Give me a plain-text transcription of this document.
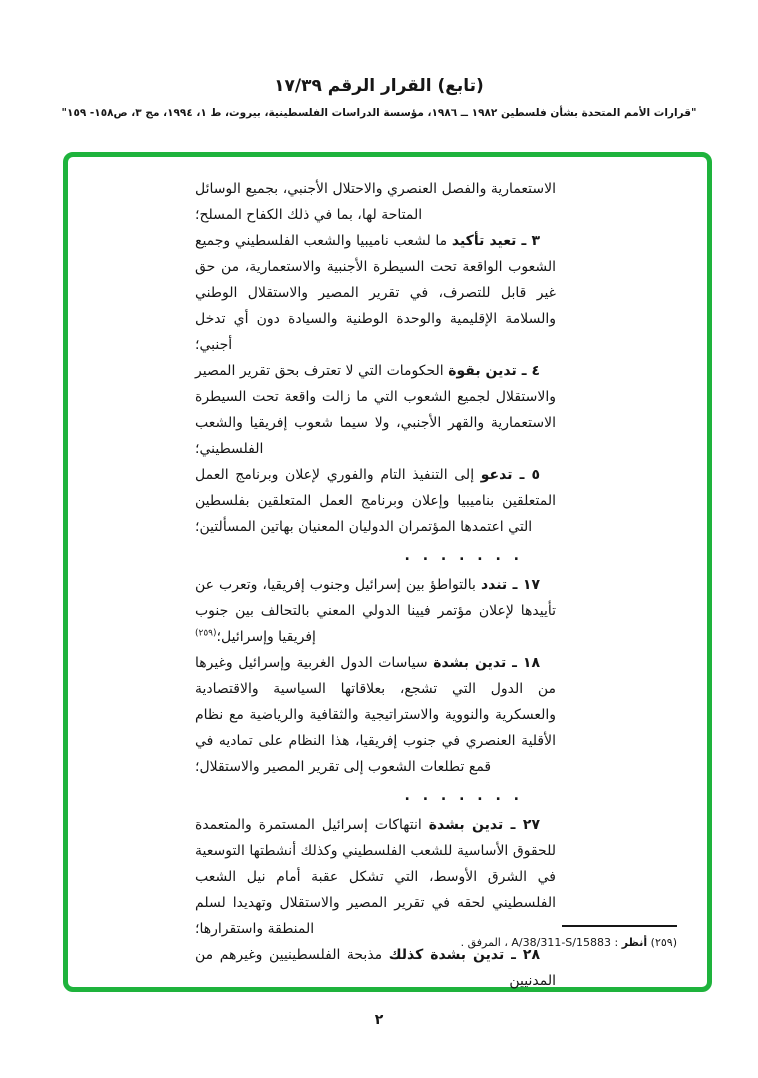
(تابع) القرار الرقم ١٧/٣٩
"قرارات الأمم المتحدة بشأن فلسطين ١٩٨٢ ــ ١٩٨٦، مؤسسة الدراسات الفلسطينية، بيروت، ط ١، ١٩٩٤، مج ٣، ص١٥٨- ١٥٩"

الاستعمارية والفصل العنصري والاحتلال الأجنبي، بجميع الوسائل المتاحة لها، بما في ذلك الكفاح المسلح؛

٣ ـ تعيد تأكيد ما لشعب ناميبيا والشعب الفلسطيني وجميع الشعوب الواقعة تحت السيطرة الأجنبية والاستعمارية، من حق غير قابل للتصرف، في تقرير المصير والاستقلال الوطني والسلامة الإقليمية والوحدة الوطنية والسيادة دون أي تدخل أجنبي؛

٤ ـ تدين بقوة الحكومات التي لا تعترف بحق تقرير المصير والاستقلال لجميع الشعوب التي ما زالت واقعة تحت السيطرة الاستعمارية والقهر الأجنبي، ولا سيما شعوب إفريقيا والشعب الفلسطيني؛

٥ ـ تدعو إلى التنفيذ التام والفوري لإعلان وبرنامج العمل المتعلقين بناميبيا وإعلان وبرنامج العمل المتعلقين بفلسطين التي اعتمدها المؤتمران الدوليان المعنيان بهاتين المسألتين؛

. . . . . . .

١٧ ـ تندد بالتواطؤ بين إسرائيل وجنوب إفريقيا، وتعرب عن تأييدها لإعلان مؤتمر فيينا الدولي المعني بالتحالف بين جنوب إفريقيا وإسرائيل؛$^{(٢٥٩)}$

١٨ ـ تدين بشدة سياسات الدول الغربية وإسرائيل وغيرها من الدول التي تشجع، بعلاقاتها السياسية والاقتصادية والعسكرية والنووية والاستراتيجية والثقافية والرياضية مع نظام الأقلية العنصري في جنوب إفريقيا، هذا النظام على تماديه في قمع تطلعات الشعوب إلى تقرير المصير والاستقلال؛

. . . . . . .

٢٧ ـ تدين بشدة انتهاكات إسرائيل المستمرة والمتعمدة للحقوق الأساسية للشعب الفلسطيني وكذلك أنشطتها التوسعية في الشرق الأوسط، التي تشكل عقبة أمام نيل الشعب الفلسطيني لحقه في تقرير المصير والاستقلال وتهديدا لسلم المنطقة واستقرارها؛

٢٨ ـ تدين بشدة كذلك مذبحة الفلسطينيين وغيرهم من المدنيين

(٢٥٩) أنظر : A/38/311-S/15883 ، المرفق .

٢
